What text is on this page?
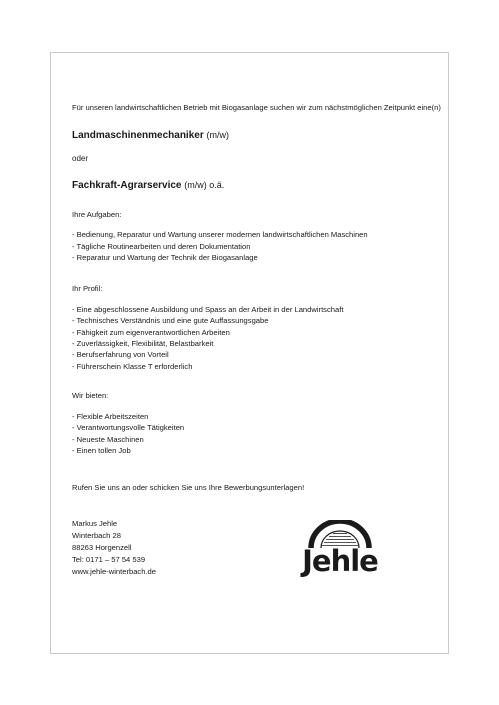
Für unseren landwirtschaftlichen Betrieb mit Biogasanlage suchen wir zum nächstmöglichen Zeitpunkt eine(n)

Landmaschinenmechaniker (m/w)

oder

Fachkraft-Agrarservice (m/w) o.ä.

Ihre Aufgaben:

- Bedienung, Reparatur und Wartung unserer modernen landwirtschaftlichen Maschinen
- Tägliche Routinearbeiten und deren Dokumentation
- Reparatur und Wartung der Technik der Biogasanlage

Ihr Profil:

- Eine abgeschlossene Ausbildung und Spass an der Arbeit in der Landwirtschaft
- Technisches Verständnis und eine gute Auffassungsgabe
- Fähigkeit zum eigenverantwortlichen Arbeiten
- Zuverlässigkeit, Flexibilität, Belastbarkeit
- Berufserfahrung von Vorteil
- Führerschein Klasse T erforderlich

Wir bieten:

- Flexible Arbeitszeiten
- Verantwortungsvolle Tätigkeiten
- Neueste Maschinen
- Einen tollen Job

Rufen Sie uns an oder schicken Sie uns Ihre Bewerbungsunterlagen!

Markus Jehle

Winterbach 28

88263 Horgenzell

Tel: 0171 – 57 54 539

www.jehle-winterbach.de	Jehle
